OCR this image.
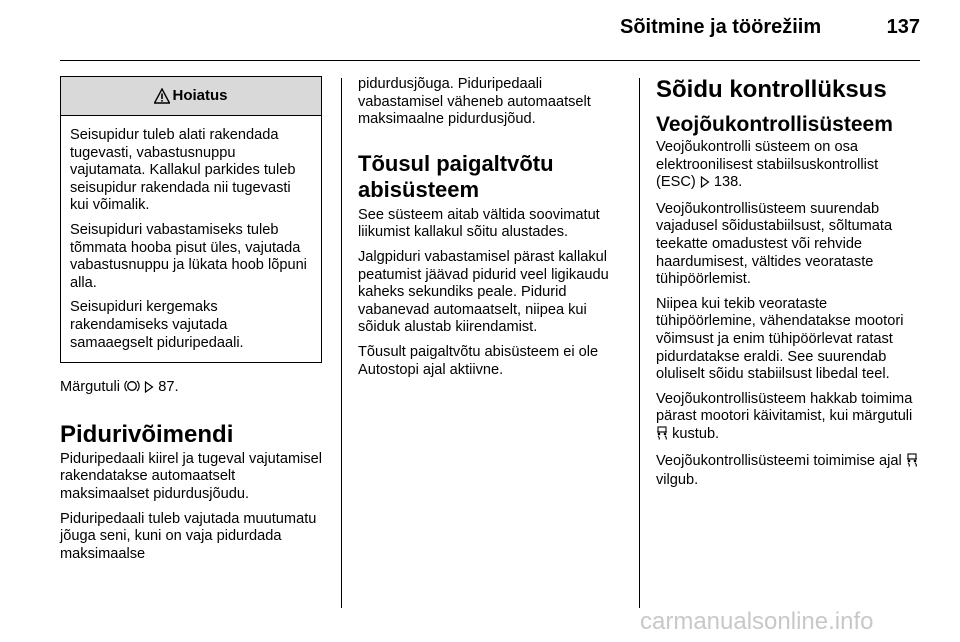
Sõitmine ja töörežiim	137
Hoiatus

Seisupidur tuleb alati rakendada tugevasti, vabastusnuppu vajutamata. Kallakul parkides tuleb seisupidur rakendada nii tugevasti kui võimalik.

Seisupiduri vabastamiseks tuleb tõmmata hooba pisut üles, vajutada vabastusnuppu ja lükata hoob lõpuni alla.

Seisupiduri kergemaks rakendamiseks vajutada samaaegselt piduripedaali.

Märgutuli	87.

Pidurivõimendi

Piduripedaali kiirel ja tugeval vajutamisel rakendatakse automaatselt maksimaalset pidurdusjõudu.

Piduripedaali tuleb vajutada muutumatu jõuga seni, kuni on vaja pidurdada maksimaalse

pidurdusjõuga. Piduripedaali vabastamisel väheneb automaatselt maksimaalne pidurdusjõud.

Tõusul paigaltvõtu abisüsteem

See süsteem aitab vältida soovimatut liikumist kallakul sõitu alustades.

Jalgpiduri vabastamisel pärast kallakul peatumist jäävad pidurid veel ligikaudu kaheks sekundiks peale. Pidurid vabanevad automaatselt, niipea kui sõiduk alustab kiirendamist.

Tõusult paigaltvõtu abisüsteem ei ole Autostopi ajal aktiivne.

Sõidu kontrollüksus
Veojõukontrollisüsteem

Veojõukontrolli süsteem on osa elektroonilisest stabiilsuskontrollist (ESC) 138.

Veojõukontrollisüsteem suurendab vajadusel sõidustabiilsust, sõltumata teekatte omadustest või rehvide haardumisest, vältides veorataste tühipöörlemist.

Niipea kui tekib veorataste tühipöörlemine, vähendatakse mootori võimsust ja enim tühipöörlevat ratast pidurdatakse eraldi. See suurendab oluliselt sõidu stabiilsust libedal teel.

Veojõukontrollisüsteem hakkab toimima pärast mootori käivitamist, kui märgutuli  kustub.

Veojõukontrollisüsteemi toimimise ajal  vilgub.

carmanualsonline.info
